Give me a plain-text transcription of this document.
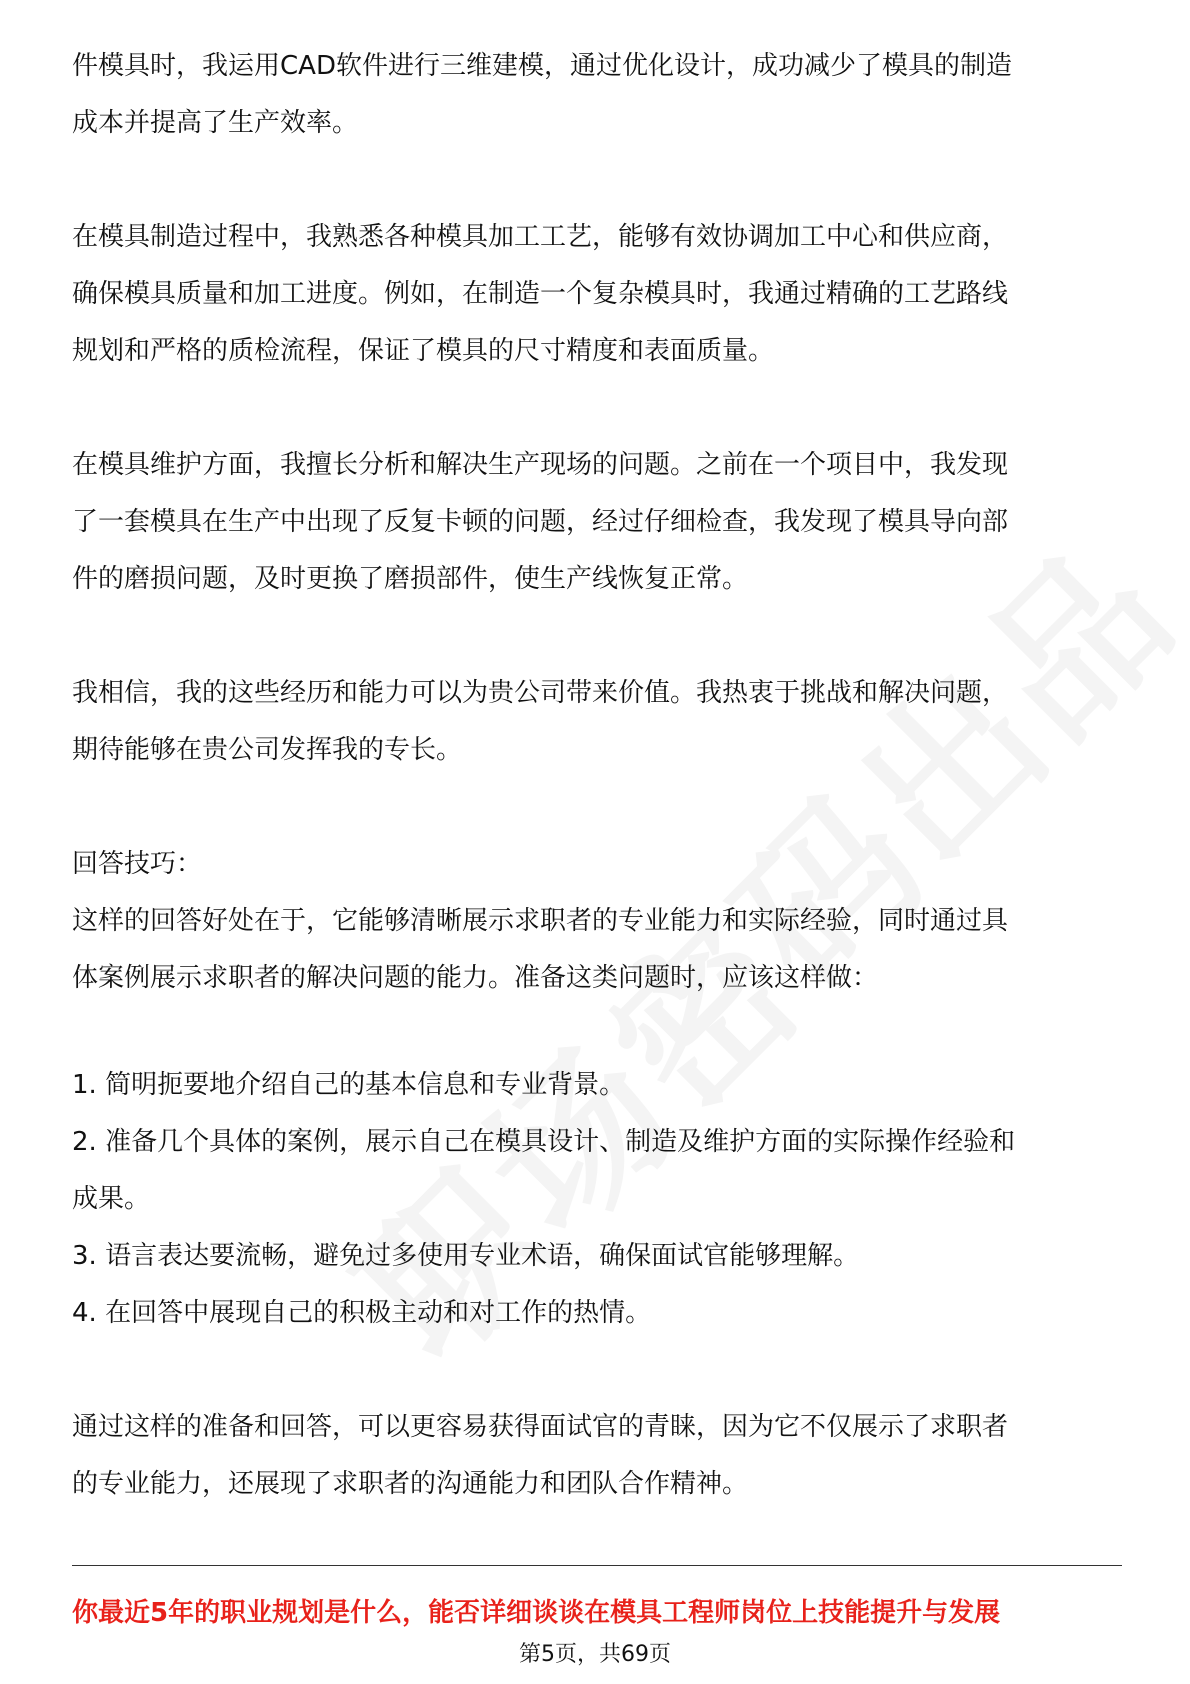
件模具时，我运用CAD软件进行三维建模，通过优化设计，成功减少了模具的制造

成本并提高了生产效率。

在模具制造过程中，我熟悉各种模具加工工艺，能够有效协调加工中心和供应商，

确保模具质量和加工进度。例如，在制造一个复杂模具时，我通过精确的工艺路线

规划和严格的质检流程，保证了模具的尺寸精度和表面质量。

在模具维护方面，我擅长分析和解决生产现场的问题。之前在一个项目中，我发现

了一套模具在生产中出现了反复卡顿的问题，经过仔细检查，我发现了模具导向部

件的磨损问题，及时更换了磨损部件，使生产线恢复正常。

我相信，我的这些经历和能力可以为贵公司带来价值。我热衷于挑战和解决问题，

期待能够在贵公司发挥我的专长。

回答技巧：

这样的回答好处在于，它能够清晰展示求职者的专业能力和实际经验，同时通过具

体案例展示求职者的解决问题的能力。准备这类问题时，应该这样做：

1. 简明扼要地介绍自己的基本信息和专业背景。

2. 准备几个具体的案例，展示自己在模具设计、制造及维护方面的实际操作经验和

成果。

3. 语言表达要流畅，避免过多使用专业术语，确保面试官能够理解。

4. 在回答中展现自己的积极主动和对工作的热情。

通过这样的准备和回答，可以更容易获得面试官的青睐，因为它不仅展示了求职者

的专业能力，还展现了求职者的沟通能力和团队合作精神。

你最近5年的职业规划是什么，能否详细谈谈在模具工程师岗位上技能提升与发展
第5页，共69页
